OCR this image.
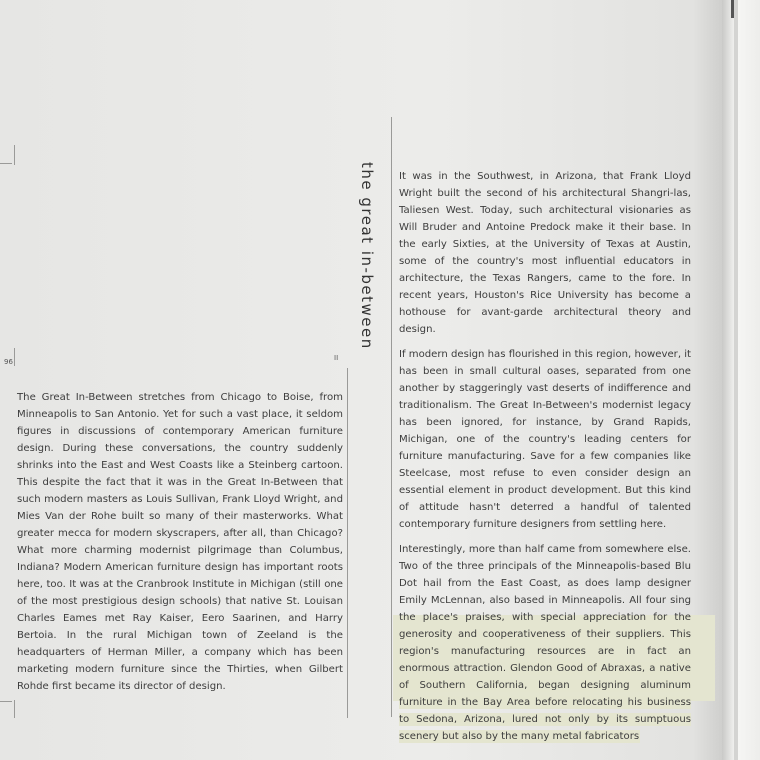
96	II
the great in-between

The Great In-Between stretches from Chicago to Boise, from Minneapolis to San Antonio. Yet for such a vast place, it seldom figures in discussions of contemporary American furniture design. During these conversations, the country suddenly shrinks into the East and West Coasts like a Steinberg cartoon. This despite the fact that it was in the Great In-Between that such modern masters as Louis Sullivan, Frank Lloyd Wright, and Mies Van der Rohe built so many of their masterworks. What greater mecca for modern skyscrapers, after all, than Chicago? What more charming modernist pilgrimage than Columbus, Indiana? Modern American furniture design has important roots here, too. It was at the Cranbrook Institute in Michigan (still one of the most prestigious design schools) that native St. Louisan Charles Eames met Ray Kaiser, Eero Saarinen, and Harry Bertoia. In the rural Michigan town of Zeeland is the headquarters of Herman Miller, a company which has been marketing modern furniture since the Thirties, when Gilbert Rohde first became its director of design.

It was in the Southwest, in Arizona, that Frank Lloyd Wright built the second of his architectural Shangri-las, Taliesen West. Today, such architectural visionaries as Will Bruder and Antoine Predock make it their base. In the early Sixties, at the University of Texas at Austin, some of the country's most influential educators in architecture, the Texas Rangers, came to the fore. In recent years, Houston's Rice University has become a hothouse for avant-garde architectural theory and design.

If modern design has flourished in this region, however, it has been in small cultural oases, separated from one another by staggeringly vast deserts of indifference and traditionalism. The Great In-Between's modernist legacy has been ignored, for instance, by Grand Rapids, Michigan, one of the country's leading centers for furniture manufacturing. Save for a few companies like Steelcase, most refuse to even consider design an essential element in product development. But this kind of attitude hasn't deterred a handful of talented contemporary furniture designers from settling here.

Interestingly, more than half came from somewhere else. Two of the three principals of the Minneapolis-based Blu Dot hail from the East Coast, as does lamp designer Emily McLennan, also based in Minneapolis. All four sing the place's praises, with special appreciation for the generosity and cooperativeness of their suppliers. This region's manufacturing resources are in fact an enormous attraction. Glendon Good of Abraxas, a native of Southern California, began designing aluminum furniture in the Bay Area before relocating his business to Sedona, Arizona, lured not only by its sumptuous scenery but also by the many metal fabricators
